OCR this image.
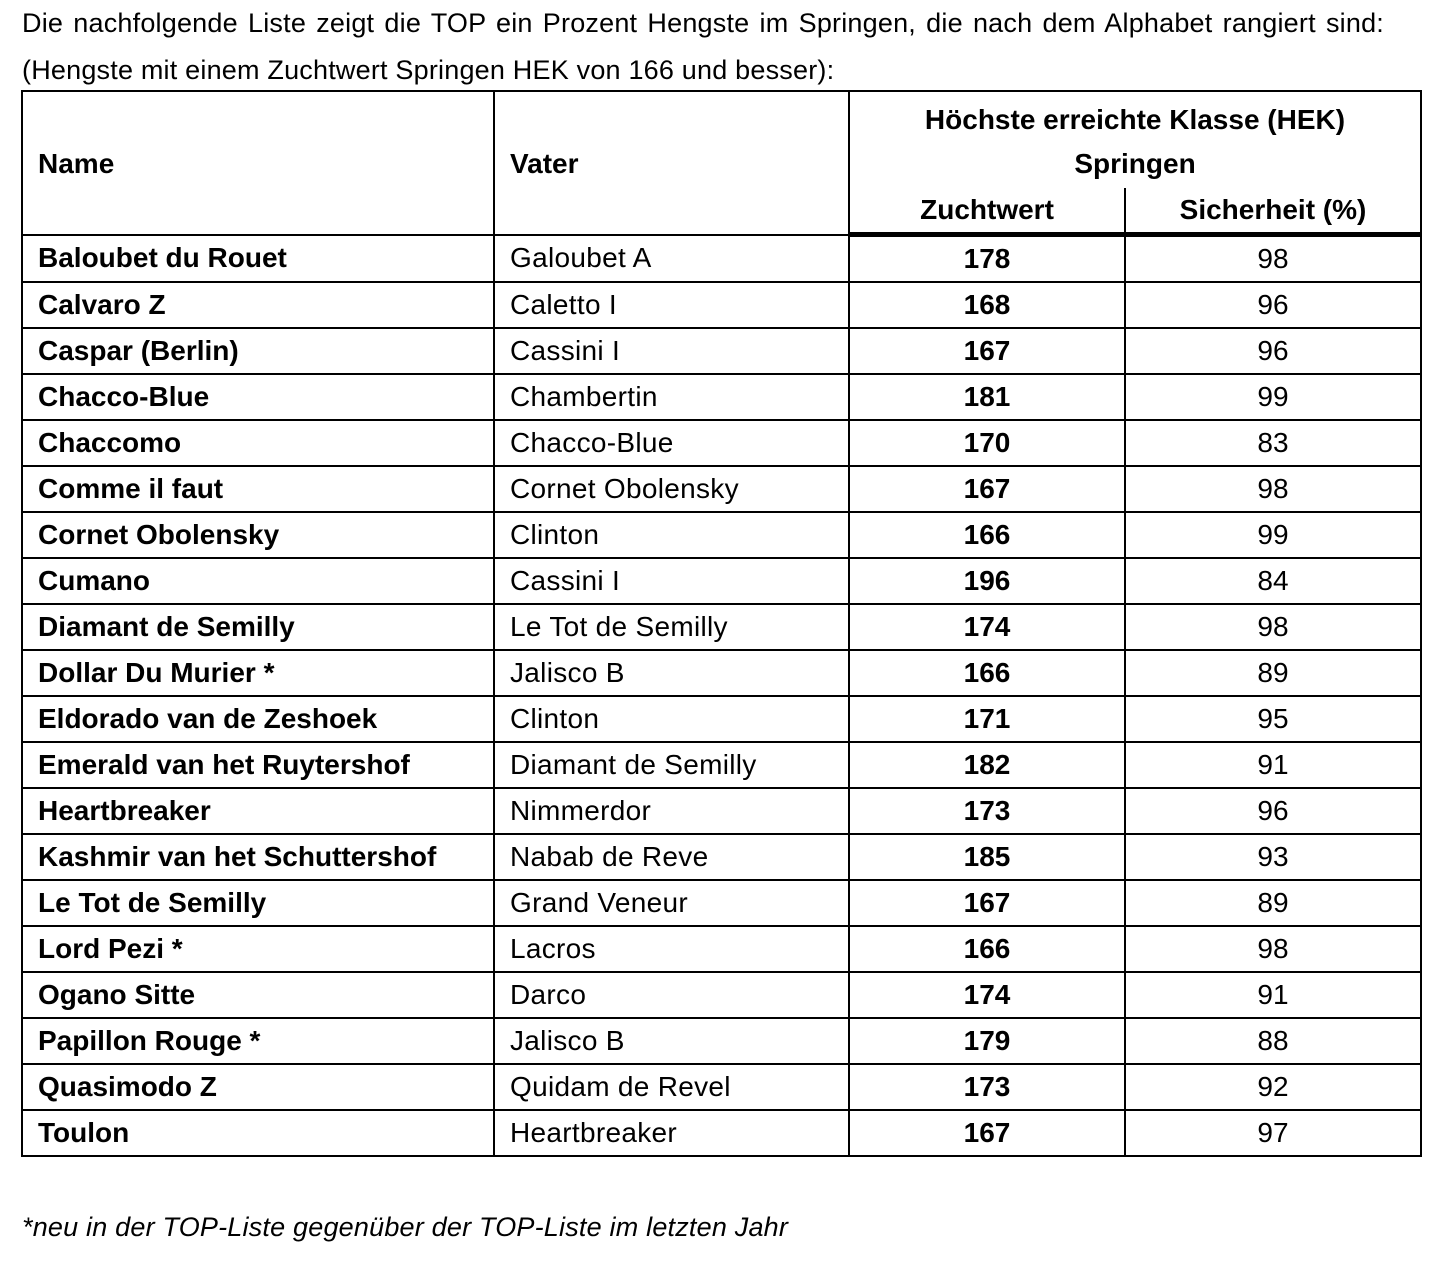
Die nachfolgende Liste zeigt die TOP ein Prozent Hengste im Springen, die nach dem Alphabet rangiert sind: (Hengste mit einem Zuchtwert Springen HEK von 166 und besser):
Name	Vater	Höchste erreichte Klasse (HEK)
Springen	

		Zuchtwert	Sicherheit (%)
Baloubet du Rouet	Galoubet A	178	98
Calvaro Z	Caletto I	168	96
Caspar (Berlin)	Cassini I	167	96
Chacco-Blue	Chambertin	181	99
Chaccomo	Chacco-Blue	170	83
Comme il faut	Cornet Obolensky	167	98
Cornet Obolensky	Clinton	166	99
Cumano	Cassini I	196	84
Diamant de Semilly	Le Tot de Semilly	174	98
Dollar Du Murier *	Jalisco B	166	89
Eldorado van de Zeshoek	Clinton	171	95
Emerald van het Ruytershof	Diamant de Semilly	182	91
Heartbreaker	Nimmerdor	173	96
Kashmir van het Schuttershof	Nabab de Reve	185	93
Le Tot de Semilly	Grand Veneur	167	89
Lord Pezi *	Lacros	166	98
Ogano Sitte	Darco	174	91
Papillon Rouge *	Jalisco B	179	88
Quasimodo Z	Quidam de Revel	173	92
Toulon	Heartbreaker	167	97
*neu in der TOP-Liste gegenüber der TOP-Liste im letzten Jahr
